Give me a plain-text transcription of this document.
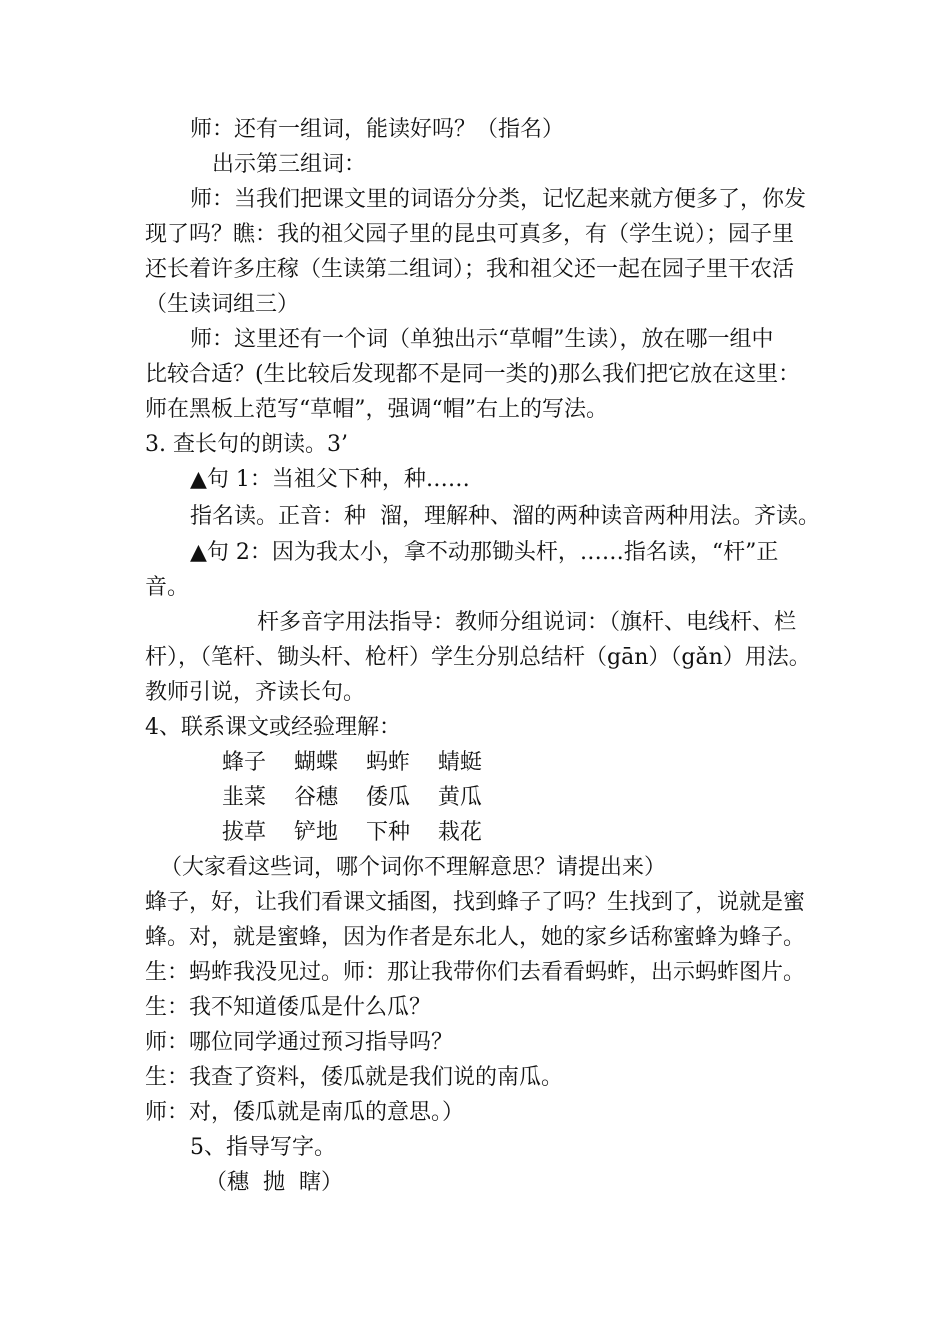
师：还有一组词，能读好吗？（指名）
出示第三组词：
师：当我们把课文里的词语分分类，记忆起来就方便多了，你发
现了吗？瞧：我的祖父园子里的昆虫可真多，有（学生说）；园子里
还长着许多庄稼（生读第二组词）；我和祖父还一起在园子里干农活
（生读词组三）
师：这里还有一个词（单独出示“草帽”生读），放在哪一组中
比较合适？(生比较后发现都不是同一类的)那么我们把它放在这里：
师在黑板上范写“草帽”，强调“帽”右上的写法。
3. 查长句的朗读。3’
▲句 1：当祖父下种，种……
指名读。正音：种  溜，理解种、溜的两种读音两种用法。齐读。
▲句 2：因为我太小，拿不动那锄头杆，……指名读，“杆”正
音。
杆多音字用法指导：教师分组说词：（旗杆、电线杆、栏
杆），（笔杆、锄头杆、枪杆）学生分别总结杆（gān）（gǎn）用法。
教师引说，齐读长句。
4、联系课文或经验理解：
蜂子    蝴蝶    蚂蚱    蜻蜓
韭菜    谷穗    倭瓜    黄瓜
拔草    铲地    下种    栽花
（大家看这些词，哪个词你不理解意思？请提出来）
蜂子，好，让我们看课文插图，找到蜂子了吗？生找到了，说就是蜜
蜂。对，就是蜜蜂，因为作者是东北人，她的家乡话称蜜蜂为蜂子。
生：蚂蚱我没见过。师：那让我带你们去看看蚂蚱，出示蚂蚱图片。
生：我不知道倭瓜是什么瓜？
师：哪位同学通过预习指导吗？
生：我查了资料，倭瓜就是我们说的南瓜。
师：对，倭瓜就是南瓜的意思。）
5、指导写字。
（穗  抛  瞎）
